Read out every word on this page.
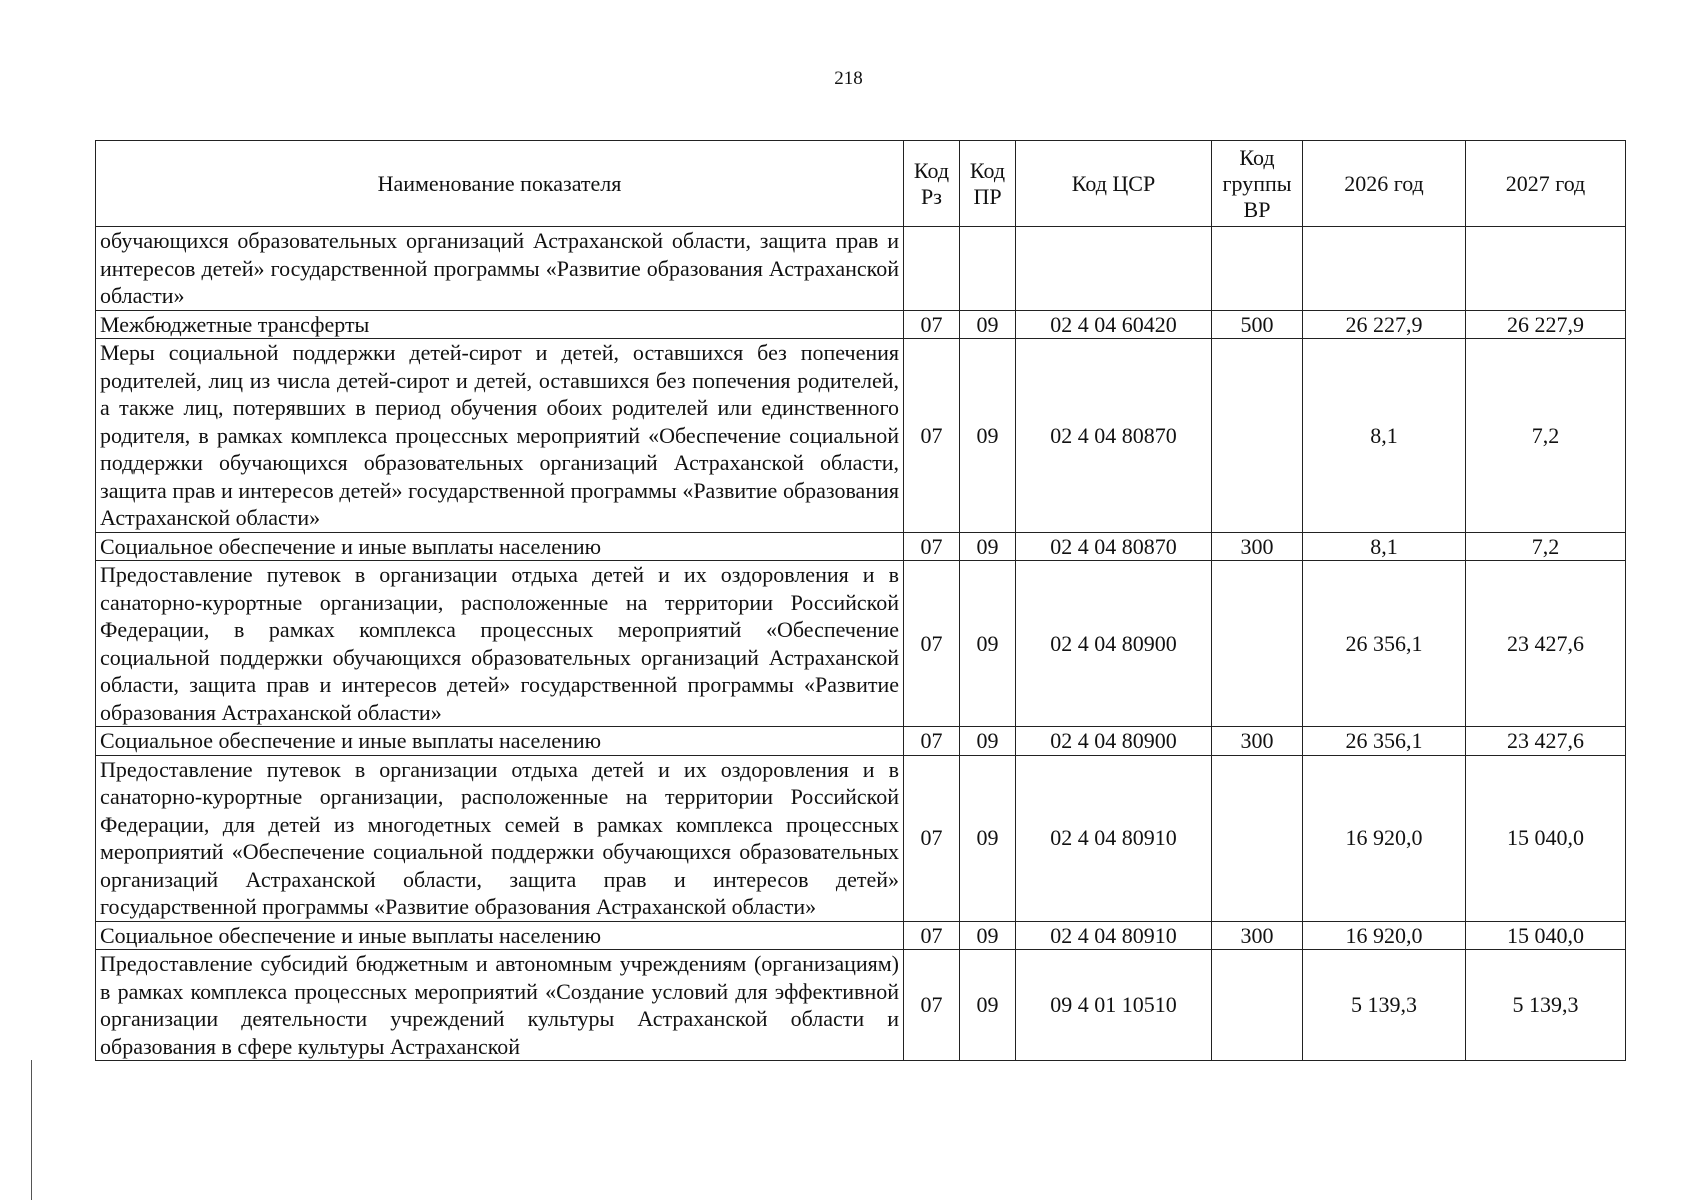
218
Наименование показателя	Код Рз	Код ПР	Код ЦСР	Код группы ВР	2026 год	2027 год
обучающихся образовательных организаций Астраханской области, защита прав и интересов детей» государственной программы «Развитие образования Астраханской области»						
Межбюджетные трансферты	07	09	02 4 04 60420	500	26 227,9	26 227,9
Меры социальной поддержки детей-сирот и детей, оставшихся без попечения родителей, лиц из числа детей-сирот и детей, оставшихся без попечения родителей, а также лиц, потерявших в период обучения обоих родителей или единственного родителя, в рамках комплекса процессных мероприятий «Обеспечение социальной поддержки обучающихся образовательных организаций Астраханской области, защита прав и интересов детей» государственной программы «Развитие образования Астраханской области»	07	09	02 4 04 80870		8,1	7,2
Социальное обеспечение и иные выплаты населению	07	09	02 4 04 80870	300	8,1	7,2
Предоставление путевок в организации отдыха детей и их оздоровления и в санаторно-курортные организации, расположенные на территории Российской Федерации, в рамках комплекса процессных мероприятий «Обеспечение социальной поддержки обучающихся образовательных организаций Астраханской области, защита прав и интересов детей» государственной программы «Развитие образования Астраханской области»	07	09	02 4 04 80900		26 356,1	23 427,6
Социальное обеспечение и иные выплаты населению	07	09	02 4 04 80900	300	26 356,1	23 427,6
Предоставление путевок в организации отдыха детей и их оздоровления и в санаторно-курортные организации, расположенные на территории Российской Федерации, для детей из многодетных семей в рамках комплекса процессных мероприятий «Обеспечение социальной поддержки обучающихся образовательных организаций Астраханской области, защита прав и интересов детей» государственной программы «Развитие образования Астраханской области»	07	09	02 4 04 80910		16 920,0	15 040,0
Социальное обеспечение и иные выплаты населению	07	09	02 4 04 80910	300	16 920,0	15 040,0
Предоставление субсидий бюджетным и автономным учреждениям (организациям) в рамках комплекса процессных мероприятий «Создание условий для эффективной организации деятельности учреждений культуры Астраханской области и образования в сфере культуры Астраханской	07	09	09 4 01 10510		5 139,3	5 139,3
